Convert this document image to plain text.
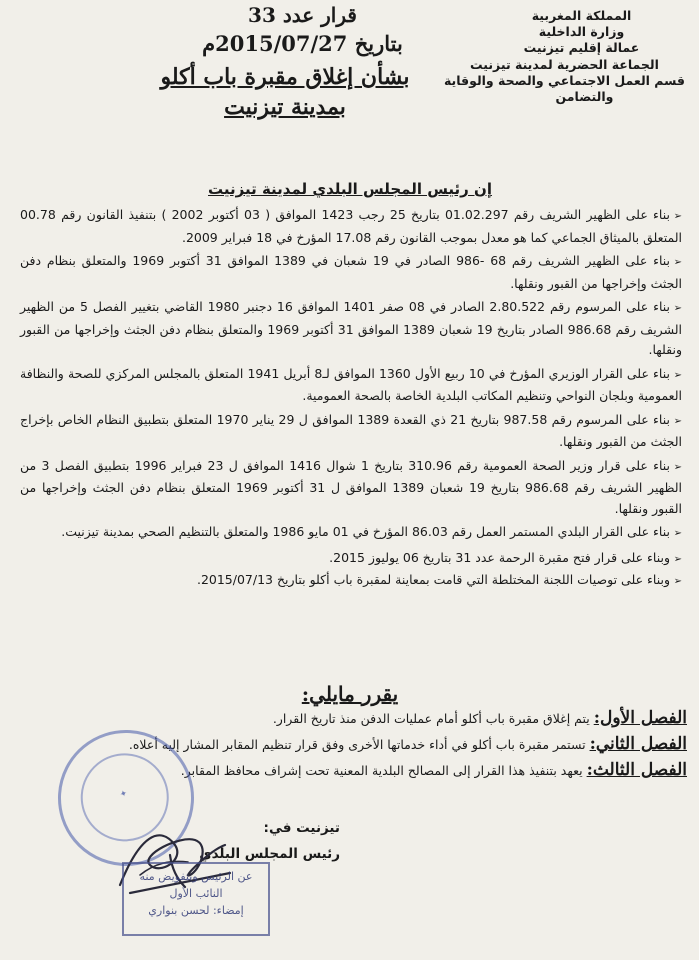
المملكة المغربية
وزارة الداخلية
عمالة إقليم تيزنيت
الجماعة الحضرية لمدينة تيزنيت
قسم العمل الاجتماعي والصحة والوقاية
والتضامن
قرار عدد 33
بتاريخ 2015/07/27م
بشأن إغلاق مقبرة باب أكلو
بمدينة تيزنيت
إن رئيس المجلس البلدي لمدينة تيزنيت
➢بناء على الظهير الشريف رقم 01.02.297 بتاريخ 25 رجب 1423 الموافق ( 03 أكتوبر 2002 ) بتنفيذ القانون رقم 00.78 المتعلق بالميثاق الجماعي كما هو معدل بموجب القانون رقم 17.08 المؤرخ في 18 فبراير 2009.
➢بناء على الظهير الشريف رقم 68 -986 الصادر في 19 شعبان في 1389 الموافق 31 أكتوبر 1969 والمتعلق بنظام دفن الجثث وإخراجها من القبور ونقلها.
➢بناء على المرسوم رقم 2.80.522 الصادر في 08 صفر 1401 الموافق 16 دجنبر 1980 القاضي بتغيير الفصل 5 من الظهير الشريف رقم 986.68 الصادر بتاريخ 19 شعبان 1389 الموافق 31 أكتوبر 1969 والمتعلق بنظام دفن الجثث وإخراجها من القبور ونقلها.
➢بناء على القرار الوزيري المؤرخ في 10 ربيع الأول 1360 الموافق لـ8 أبريل 1941 المتعلق بالمجلس المركزي للصحة والنظافة العمومية وبلجان النواحي وتنظيم المكاتب البلدية الخاصة بالصحة العمومية.
➢بناء على المرسوم رقم 987.58 بتاريخ 21 ذي القعدة 1389 الموافق ل 29 يناير 1970 المتعلق بتطبيق النظام الخاص بإخراج الجثث من القبور ونقلها.
➢بناء على قرار وزير الصحة العمومية رقم 310.96 بتاريخ 1 شوال 1416 الموافق ل 23 فبراير 1996 بتطبيق الفصل 3 من الظهير الشريف رقم 986.68 بتاريخ 19 شعبان 1389 الموافق ل 31 أكتوبر 1969 المتعلق بنظام دفن الجثث وإخراجها من القبور ونقلها.
➢بناء على القرار البلدي المستمر العمل رقم 86.03 المؤرخ في 01 مايو 1986 والمتعلق بالتنظيم الصحي بمدينة تيزنيت.
➢وبناء على قرار فتح مقبرة الرحمة عدد 31 بتاريخ 06 يوليوز 2015.
➢وبناء على توصيات اللجنة المختلطة التي قامت بمعاينة لمقبرة باب أكلو بتاريخ 2015/07/13.
يقرر مايلي:
الفصل الأول: يتم إغلاق مقبرة باب أكلو أمام عمليات الدفن منذ تاريخ القرار.
الفصل الثاني: تستمر مقبرة باب أكلو في أداء خدماتها الأخرى وفق قرار تنظيم المقابر المشار إليه أعلاه.
الفصل الثالث: يعهد بتنفيذ هذا القرار إلى المصالح البلدية المعنية تحت إشراف محافظ المقابر.
تيزنيت في:
رئيس المجلس البلدي
✦
عن الرئيس وبتفويض منه
النائب الأول
إمضاء: لحسن بنواري
